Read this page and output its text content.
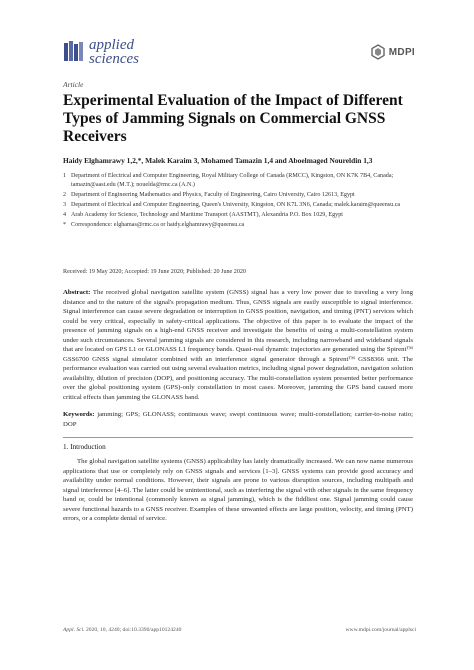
applied
sciences	MDPI
Article
Experimental Evaluation of the Impact of Different Types of Jamming Signals on Commercial GNSS Receivers
Haidy Elghamrawy 1,2,*, Malek Karaim 3, Mohamed Tamazin 1,4 and Aboelmaged Noureldin 1,3
1 Department of Electrical and Computer Engineering, Royal Military College of Canada (RMCC), Kingston, ON K7K 7B4, Canada; tamazin@aast.edu (M.T.); nouelda@rmc.ca (A.N.)
2 Department of Engineering Mathematics and Physics, Faculty of Engineering, Cairo University, Cairo 12613, Egypt
3 Department of Electrical and Computer Engineering, Queen's University, Kingston, ON K7L 3N6, Canada; malek.karaim@queensu.ca
4 Arab Academy for Science, Technology and Maritime Transport (AASTMT), Alexandria P.O. Box 1029, Egypt
* Correspondence: elghamas@rmc.ca or haidy.elghamrawy@queensu.ca
Received: 19 May 2020; Accepted: 19 June 2020; Published: 20 June 2020
Abstract: The received global navigation satellite system (GNSS) signal has a very low power due to traveling a very long distance and to the nature of the signal's propagation medium. Thus, GNSS signals are easily susceptible to signal interference. Signal interference can cause severe degradation or interruption in GNSS position, navigation, and timing (PNT) services which could be very critical, especially in safety-critical applications. The objective of this paper is to evaluate the impact of the presence of jamming signals on a high-end GNSS receiver and investigate the benefits of using a multi-constellation system under such circumstances. Several jamming signals are considered in this research, including narrowband and wideband signals that are located on GPS L1 or GLONASS L1 frequency bands. Quasi-real dynamic trajectories are generated using the Spirent™ GSS6700 GNSS signal simulator combined with an interference signal generator through a Spirent™ GSS8366 unit. The performance evaluation was carried out using several evaluation metrics, including signal power degradation, navigation solution availability, dilution of precision (DOP), and positioning accuracy. The multi-constellation system presented better performance over the global positioning system (GPS)-only constellation in most cases. Moreover, jamming the GPS band caused more critical effects than jamming the GLONASS band.
Keywords: jamming; GPS; GLONASS; continuous wave; swept continuous wave; multi-constellation; carrier-to-noise ratio; DOP
1. Introduction
The global navigation satellite systems (GNSS) applicability has lately dramatically increased. We can now name numerous applications that use or completely rely on GNSS signals and services [1–3]. GNSS systems can provide good accuracy and availability under normal conditions. However, their signals are prone to various disruption sources, including multipath and signal interference [4–6]. The latter could be unintentional, such as interfering the signal with other signals in the same frequency band or, could be intentional (commonly known as signal jamming), which is the fiddliest one. Signal jamming could cause severe functional hazards to a GNSS receiver. Examples of these unwanted effects are large position, velocity, and timing (PNT) errors, or a complete denial of service.
Appl. Sci. 2020, 10, 4240; doi:10.3390/app10124240	www.mdpi.com/journal/applsci
